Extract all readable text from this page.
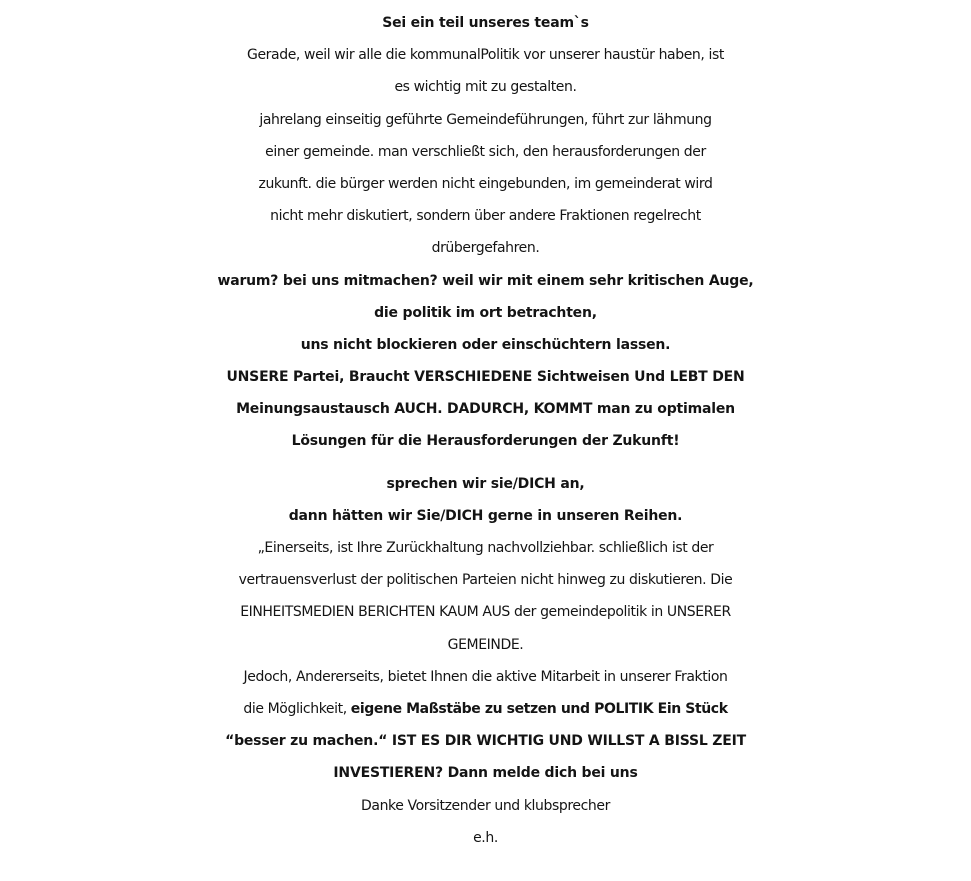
Sei ein teil unseres team`s
Gerade, weil wir alle die kommunalPolitik vor unserer haustür haben, ist
es wichtig mit zu gestalten.
jahrelang einseitig geführte Gemeindeführungen, führt zur lähmung
einer gemeinde. man verschließt sich, den herausforderungen der
zukunft. die bürger werden nicht eingebunden, im gemeinderat wird
nicht mehr diskutiert, sondern über andere Fraktionen regelrecht
drübergefahren.
warum? bei uns mitmachen? weil wir mit einem sehr kritischen Auge,
die politik im ort betrachten,
uns nicht blockieren oder einschüchtern lassen.
UNSERE Partei, Braucht VERSCHIEDENE Sichtweisen Und LEBT DEN
Meinungsaustausch AUCH. DADURCH, KOMMT man zu optimalen
Lösungen für die Herausforderungen der Zukunft!
sprechen wir sie/DICH an,
dann hätten wir Sie/DICH gerne in unseren Reihen.
„Einerseits, ist Ihre Zurückhaltung nachvollziehbar. schließlich ist der
vertrauensverlust der politischen Parteien nicht hinweg zu diskutieren. Die
EINHEITSMEDIEN BERICHTEN KAUM AUS der gemeindepolitik in UNSERER
GEMEINDE.
Jedoch, Andererseits, bietet Ihnen die aktive Mitarbeit in unserer Fraktion
die Möglichkeit, eigene Maßstäbe zu setzen und POLITIK Ein Stück
“besser zu machen.“ IST ES DIR WICHTIG UND WILLST A BISSL ZEIT
INVESTIEREN? Dann melde dich bei uns
Danke Vorsitzender und klubsprecher
e.h.
